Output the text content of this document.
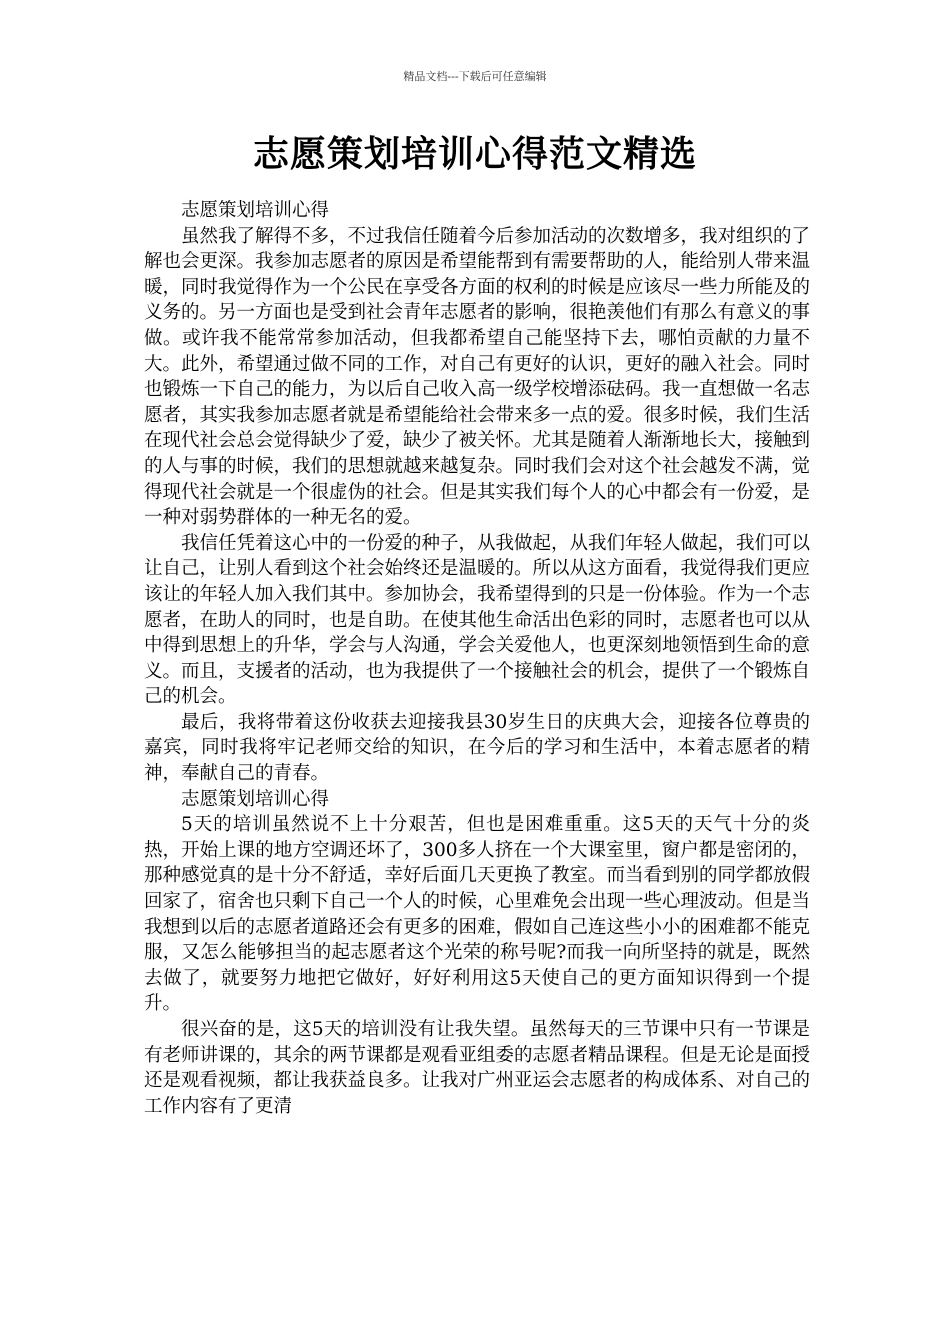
精品文档---下载后可任意编辑

志愿策划培训心得范文精选

志愿策划培训心得

虽然我了解得不多，不过我信任随着今后参加活动的次数增多，我对组织的了解也会更深。我参加志愿者的原因是希望能帮到有需要帮助的人，能给别人带来温暖，同时我觉得作为一个公民在享受各方面的权利的时候是应该尽一些力所能及的义务的。另一方面也是受到社会青年志愿者的影响，很艳羡他们有那么有意义的事做。或许我不能常常参加活动，但我都希望自己能坚持下去，哪怕贡献的力量不大。此外，希望通过做不同的工作，对自己有更好的认识，更好的融入社会。同时也锻炼一下自己的能力，为以后自己收入高一级学校增添砝码。我一直想做一名志愿者，其实我参加志愿者就是希望能给社会带来多一点的爱。很多时候，我们生活在现代社会总会觉得缺少了爱，缺少了被关怀。尤其是随着人渐渐地长大，接触到的人与事的时候，我们的思想就越来越复杂。同时我们会对这个社会越发不满，觉得现代社会就是一个很虚伪的社会。但是其实我们每个人的心中都会有一份爱，是一种对弱势群体的一种无名的爱。

我信任凭着这心中的一份爱的种子，从我做起，从我们年轻人做起，我们可以让自己，让别人看到这个社会始终还是温暖的。所以从这方面看，我觉得我们更应该让的年轻人加入我们其中。参加协会，我希望得到的只是一份体验。作为一个志愿者，在助人的同时，也是自助。在使其他生命活出色彩的同时，志愿者也可以从中得到思想上的升华，学会与人沟通，学会关爱他人，也更深刻地领悟到生命的意义。而且，支援者的活动，也为我提供了一个接触社会的机会，提供了一个锻炼自己的机会。

最后，我将带着这份收获去迎接我县30岁生日的庆典大会，迎接各位尊贵的嘉宾，同时我将牢记老师交给的知识，在今后的学习和生活中，本着志愿者的精神，奉献自己的青春。

志愿策划培训心得

5天的培训虽然说不上十分艰苦，但也是困难重重。这5天的天气十分的炎热，开始上课的地方空调还坏了，300多人挤在一个大课室里，窗户都是密闭的，那种感觉真的是十分不舒适，幸好后面几天更换了教室。而当看到别的同学都放假回家了，宿舍也只剩下自己一个人的时候，心里难免会出现一些心理波动。但是当我想到以后的志愿者道路还会有更多的困难，假如自己连这些小小的困难都不能克服，又怎么能够担当的起志愿者这个光荣的称号呢?而我一向所坚持的就是，既然去做了，就要努力地把它做好，好好利用这5天使自己的更方面知识得到一个提升。

很兴奋的是，这5天的培训没有让我失望。虽然每天的三节课中只有一节课是有老师讲课的，其余的两节课都是观看亚组委的志愿者精品课程。但是无论是面授还是观看视频，都让我获益良多。让我对广州亚运会志愿者的构成体系、对自己的工作内容有了更清
